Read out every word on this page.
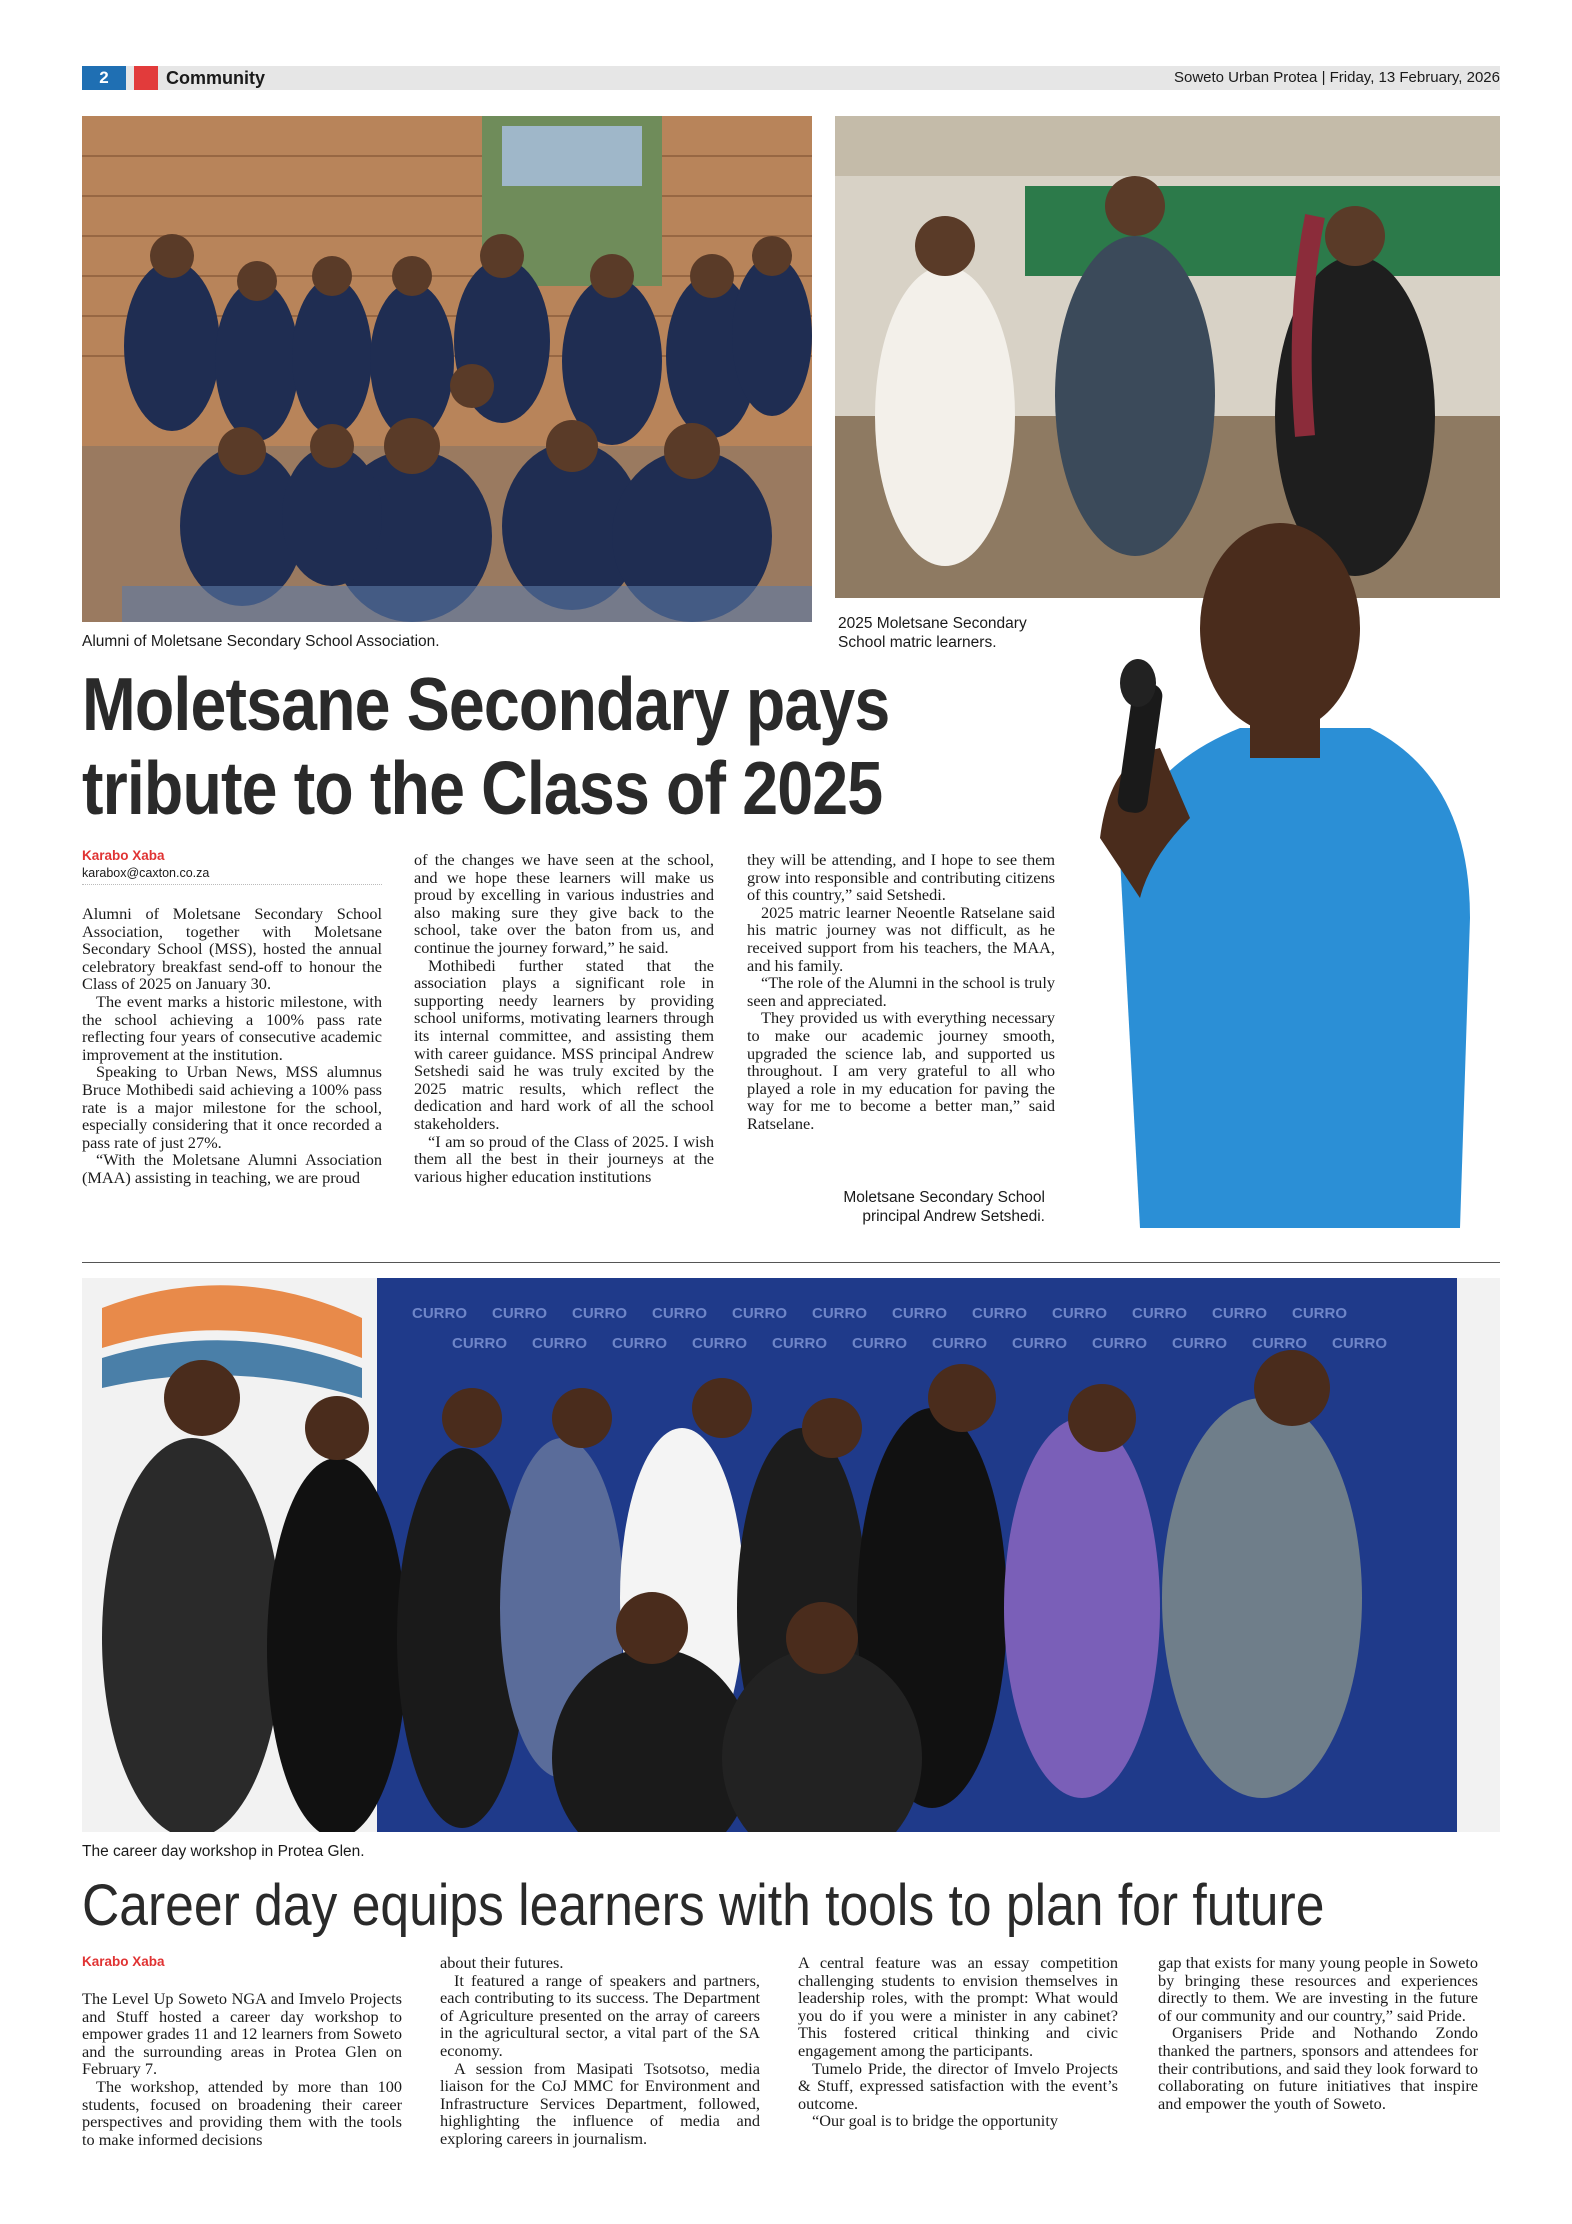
2	Community	Soweto Urban Protea | Friday, 13 February, 2026
Alumni of Moletsane Secondary School Association.
2025 Moletsane Secondary School matric learners.
Moletsane Secondary School principal Andrew Setshedi.
Moletsane Secondary pays tribute to the Class of 2025
Karabo Xaba
karabox@caxton.co.za

Alumni of Moletsane Secondary School Association, together with Moletsane Secondary School (MSS), hosted the annual celebratory breakfast send-off to honour the Class of 2025 on January 30.

The event marks a historic milestone, with the school achieving a 100% pass rate reflecting four years of consecutive academic improvement at the institution.

Speaking to Urban News, MSS alumnus Bruce Mothibedi said achieving a 100% pass rate is a major milestone for the school, especially considering that it once recorded a pass rate of just 27%.

“With the Moletsane Alumni Association (MAA) assisting in teaching, we are proud

of the changes we have seen at the school, and we hope these learners will make us proud by excelling in various industries and also making sure they give back to the school, take over the baton from us, and continue the journey forward,” he said.

Mothibedi further stated that the association plays a significant role in supporting needy learners by providing school uniforms, motivating learners through its internal committee, and assisting them with career guidance. MSS principal Andrew Setshedi said he was truly excited by the 2025 matric results, which reflect the dedication and hard work of all the school stakeholders.

“I am so proud of the Class of 2025. I wish them all the best in their journeys at the various higher education institutions

they will be attending, and I hope to see them grow into responsible and contributing citizens of this country,” said Setshedi.

2025 matric learner Neoentle Ratselane said his matric journey was not difficult, as he received support from his teachers, the MAA, and his family.

“The role of the Alumni in the school is truly seen and appreciated.

They provided us with everything necessary to make our academic journey smooth, upgraded the science lab, and supported us throughout. I am very grateful to all who played a role in my education for paving the way for me to become a better man,” said Ratselane.

CURRO CURRO CURRO CURRO CURRO CURRO CURRO CURRO CURRO CURRO CURRO CURRO
CURRO CURRO CURRO CURRO CURRO CURRO CURRO CURRO CURRO CURRO CURRO CURRO
The career day workshop in Protea Glen.
Career day equips learners with tools to plan for future
Karabo Xaba

The Level Up Soweto NGA and Imvelo Projects and Stuff hosted a career day workshop to empower grades 11 and 12 learners from Soweto and the surrounding areas in Protea Glen on February 7.

The workshop, attended by more than 100 students, focused on broadening their career perspectives and providing them with the tools to make informed decisions

about their futures.

It featured a range of speakers and partners, each contributing to its success. The Department of Agriculture presented on the array of careers in the agricultural sector, a vital part of the SA economy.

A session from Masipati Tsotsotso, media liaison for the CoJ MMC for Environment and Infrastructure Services Department, followed, highlighting the influence of media and exploring careers in journalism.

A central feature was an essay competition challenging students to envision themselves in leadership roles, with the prompt: What would you do if you were a minister in any cabinet? This fostered critical thinking and civic engagement among the participants.

Tumelo Pride, the director of Imvelo Projects & Stuff, expressed satisfaction with the event’s outcome.

“Our goal is to bridge the opportunity

gap that exists for many young people in Soweto by bringing these resources and experiences directly to them. We are investing in the future of our community and our country,” said Pride.

Organisers Pride and Nothando Zondo thanked the partners, sponsors and attendees for their contributions, and said they look forward to collaborating on future initiatives that inspire and empower the youth of Soweto.
